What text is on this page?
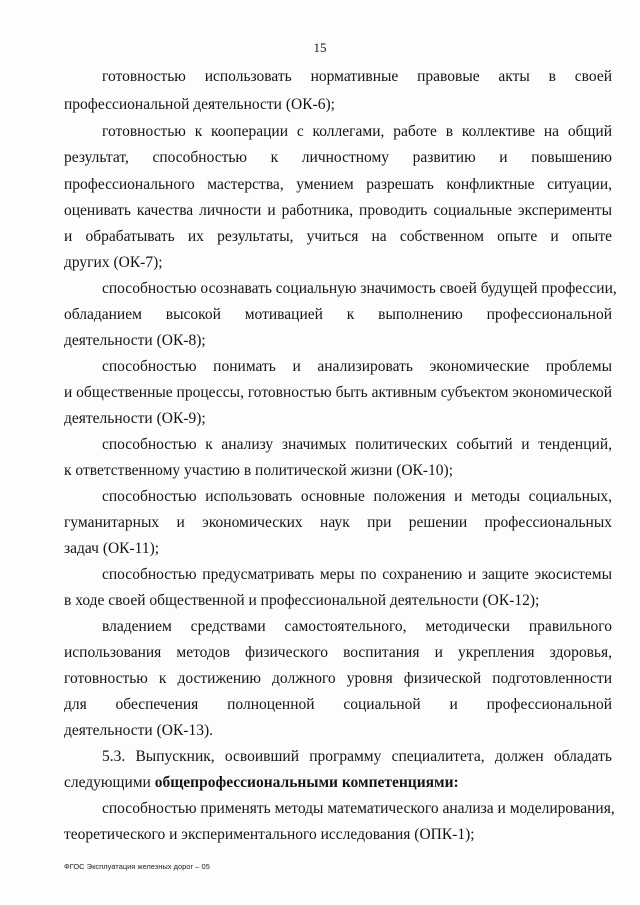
15
готовностью использовать нормативные правовые акты в своей
профессиональной деятельности (ОК-6);
готовностью к кооперации с коллегами, работе в коллективе на общий
результат, способностью к личностному развитию и повышению
профессионального мастерства, умением разрешать конфликтные ситуации,
оценивать качества личности и работника, проводить социальные эксперименты
и обрабатывать их результаты, учиться на собственном опыте и опыте
других (ОК-7);
способностью осознавать социальную значимость своей будущей профессии,
обладанием высокой мотивацией к выполнению профессиональной
деятельности (ОК-8);
способностью понимать и анализировать экономические проблемы
и общественные процессы, готовностью быть активным субъектом экономической
деятельности (ОК-9);
способностью к анализу значимых политических событий и тенденций,
к ответственному участию в политической жизни (ОК-10);
способностью использовать основные положения и методы социальных,
гуманитарных и экономических наук при решении профессиональных
задач (ОК-11);
способностью предусматривать меры по сохранению и защите экосистемы
в ходе своей общественной и профессиональной деятельности (ОК-12);
владением средствами самостоятельного, методически правильного
использования методов физического воспитания и укрепления здоровья,
готовностью к достижению должного уровня физической подготовленности
для обеспечения полноценной социальной и профессиональной
деятельности (ОК-13).
5.3. Выпускник, освоивший программу специалитета, должен обладать
следующими общепрофессиональными компетенциями:
способностью применять методы математического анализа и моделирования,
теоретического и экспериментального исследования (ОПК-1);
ФГОС Эксплуатация железных дорог – 05
